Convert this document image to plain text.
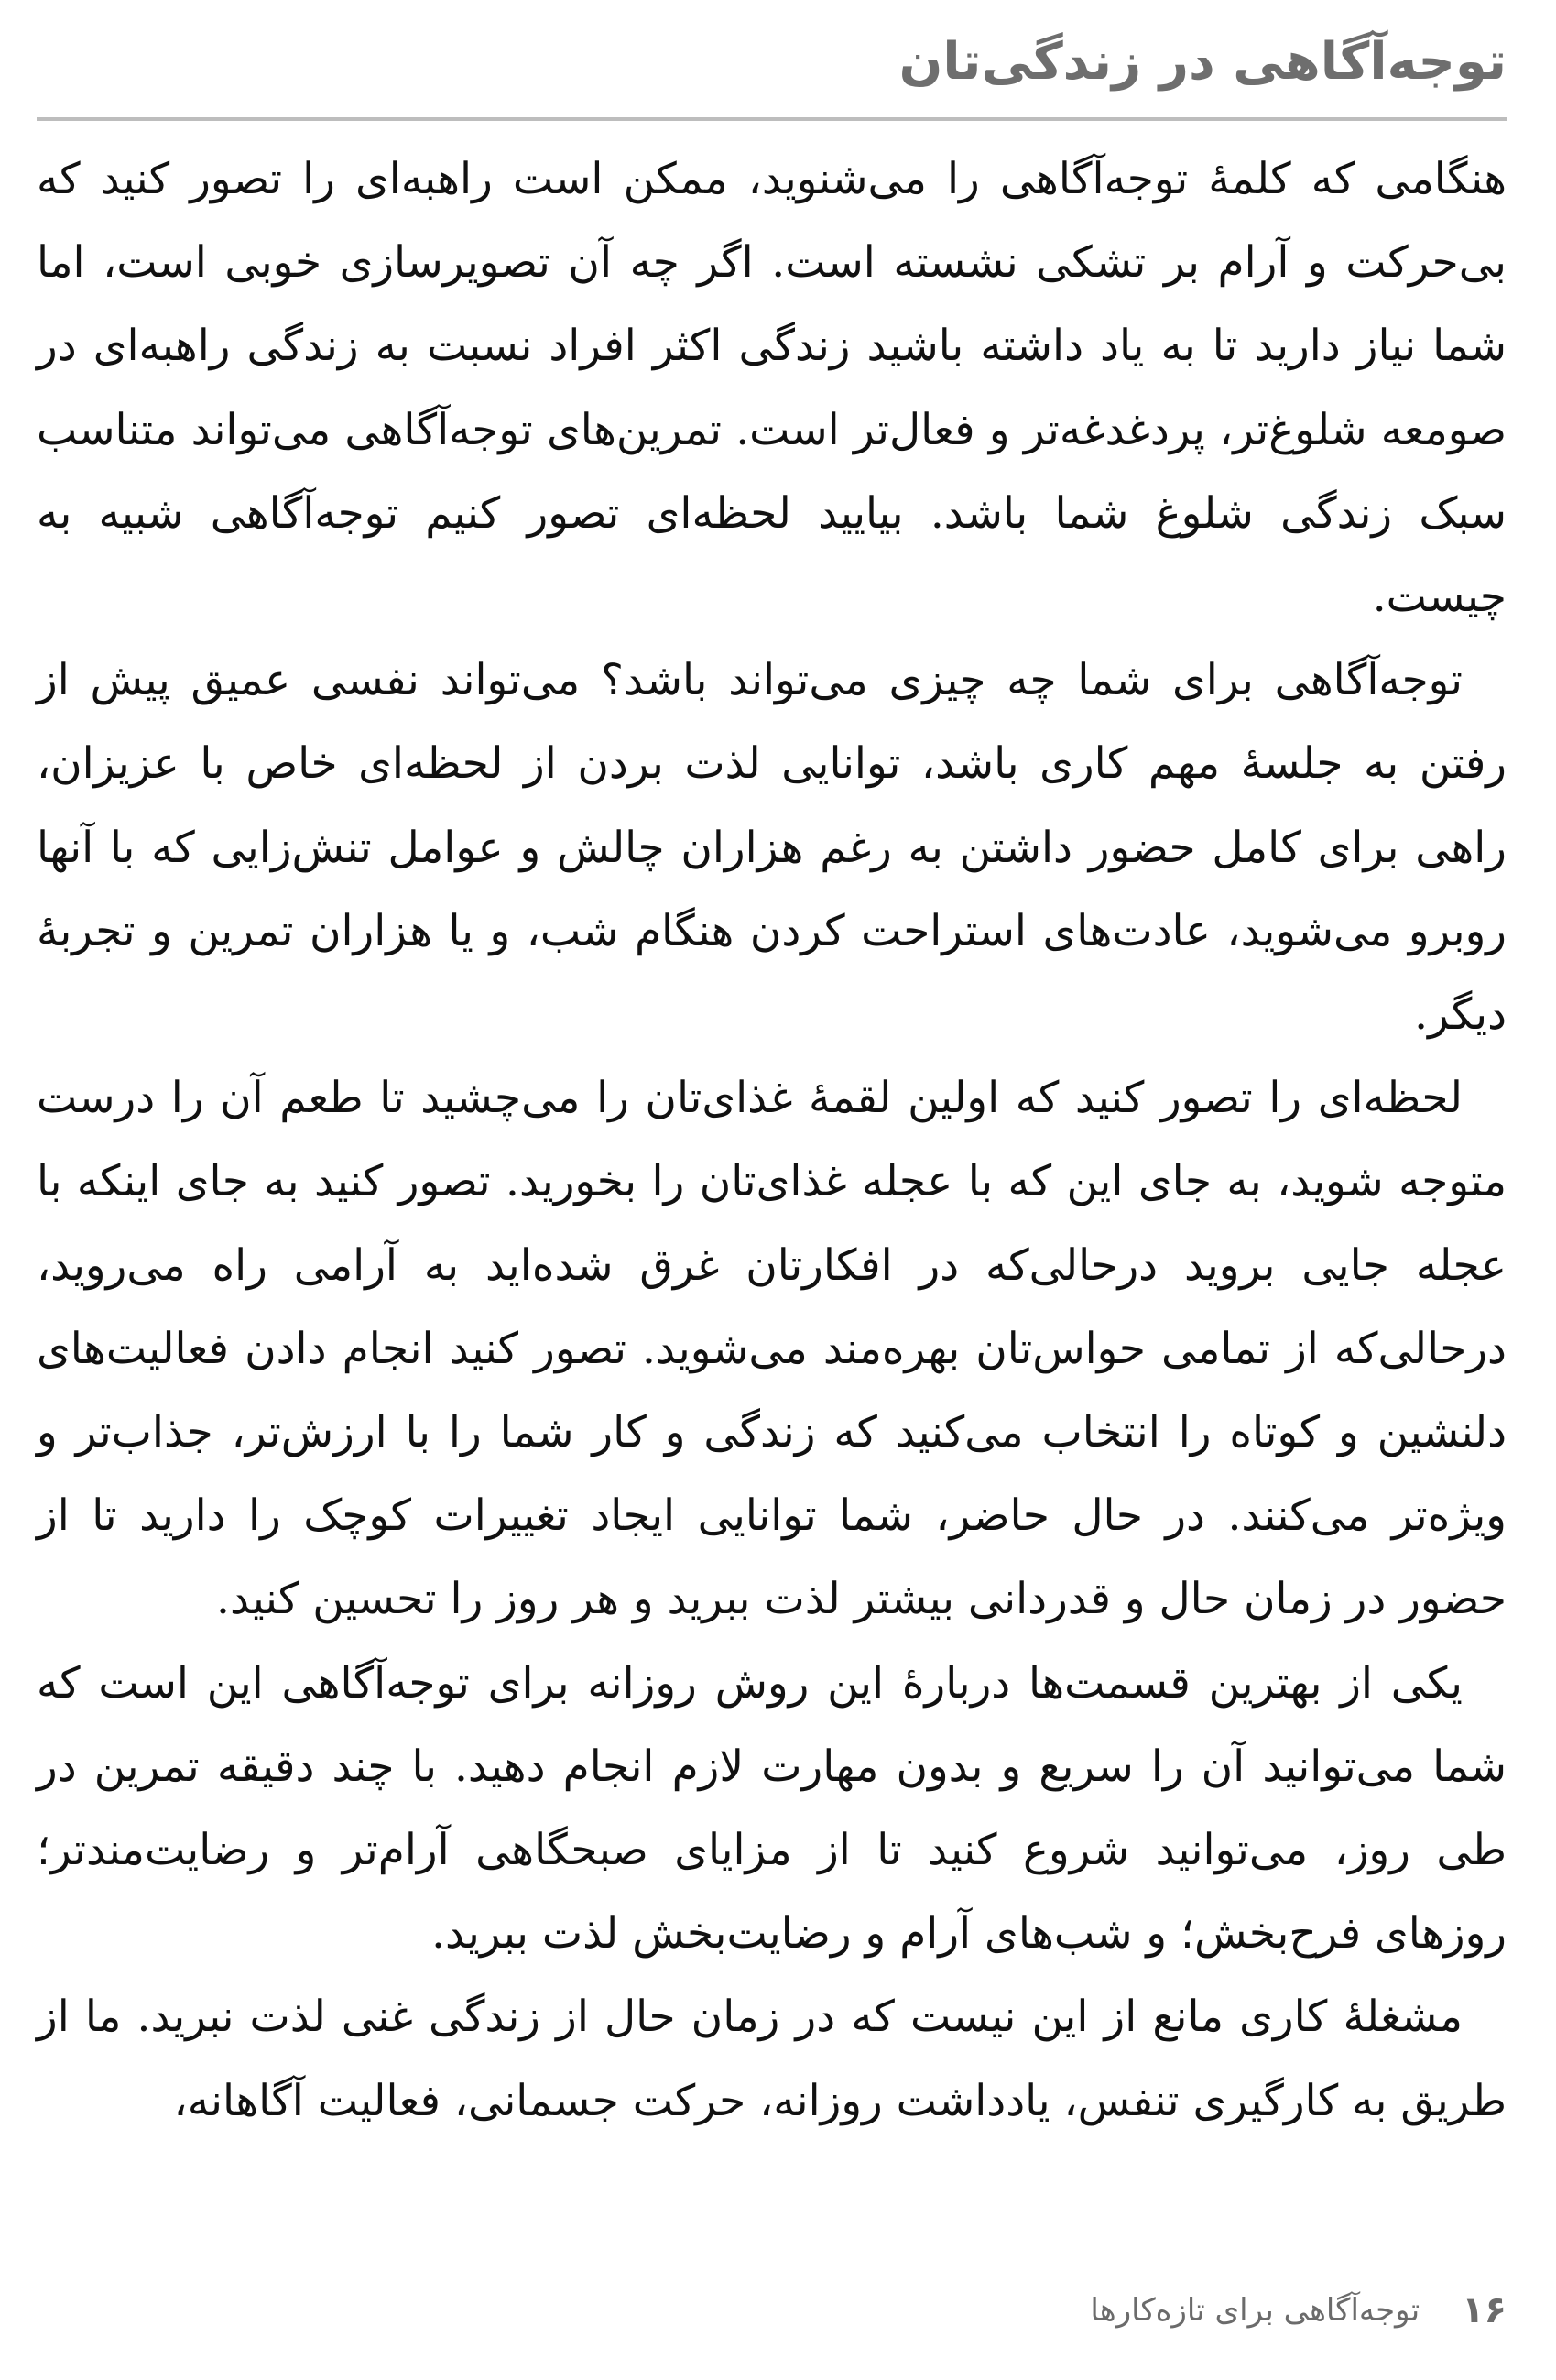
توجه‌آگاهی در زندگی‌تان

هنگامی که کلمۀ توجه‌آگاهی را می‌شنوید، ممکن است راهبه‌ای را تصور کنید که بی‌حرکت و آرام بر تشکی نشسته است. اگر چه آن تصویرسازی خوبی است، اما شما نیاز دارید تا به یاد داشته باشید زندگی اکثر افراد نسبت به زندگی راهبه‌ای در صومعه شلوغ‌تر، پردغدغه‌تر و فعال‌تر است. تمرین‌های توجه‌آگاهی می‌تواند متناسب سبک زندگی شلوغ شما باشد. بیایید لحظه‌ای تصور کنیم توجه‌آگاهی شبیه به چیست.

توجه‌آگاهی برای شما چه چیزی می‌تواند باشد؟ می‌تواند نفسی عمیق پیش از رفتن به جلسۀ مهم کاری باشد، توانایی لذت بردن از لحظه‌ای خاص با عزیزان، راهی برای کامل حضور داشتن به رغم هزاران چالش و عوامل تنش‌زایی که با آنها روبرو می‌شوید، عادت‌های استراحت کردن هنگام شب، و یا هزاران تمرین و تجربۀ دیگر.

لحظه‌ای را تصور کنید که اولین لقمۀ غذای‌تان را می‌چشید تا طعم آن را درست متوجه شوید، به جای این که با عجله غذای‌تان را بخورید. تصور کنید به جای اینکه با عجله جایی بروید درحالی‌که در افکارتان غرق شده‌اید به آرامی راه می‌روید، درحالی‌که از تمامی حواس‌تان بهره‌مند می‌شوید. تصور کنید انجام دادن فعالیت‌های دلنشین و کوتاه را انتخاب می‌کنید که زندگی و کار شما را با ارزش‌تر، جذاب‌تر و ویژه‌تر می‌کنند. در حال حاضر، شما توانایی ایجاد تغییرات کوچک را دارید تا از حضور در زمان حال و قدردانی بیشتر لذت ببرید و هر روز را تحسین کنید.

یکی از بهترین قسمت‌ها دربارۀ این روش روزانه برای توجه‌آگاهی این است که شما می‌توانید آن را سریع و بدون مهارت لازم انجام دهید. با چند دقیقه تمرین در طی روز، می‌توانید شروع کنید تا از مزایای صبحگاهی آرام‌تر و رضایت‌مندتر؛ روزهای فرح‌بخش؛ و شب‌های آرام و رضایت‌بخش لذت ببرید.

مشغلۀ کاری مانع از این نیست که در زمان حال از زندگی غنی لذت نبرید. ما از طریق به کارگیری تنفس، یادداشت روزانه، حرکت جسمانی، فعالیت آگاهانه،

۱۶
توجه‌آگاهی برای تازه‌کارها
